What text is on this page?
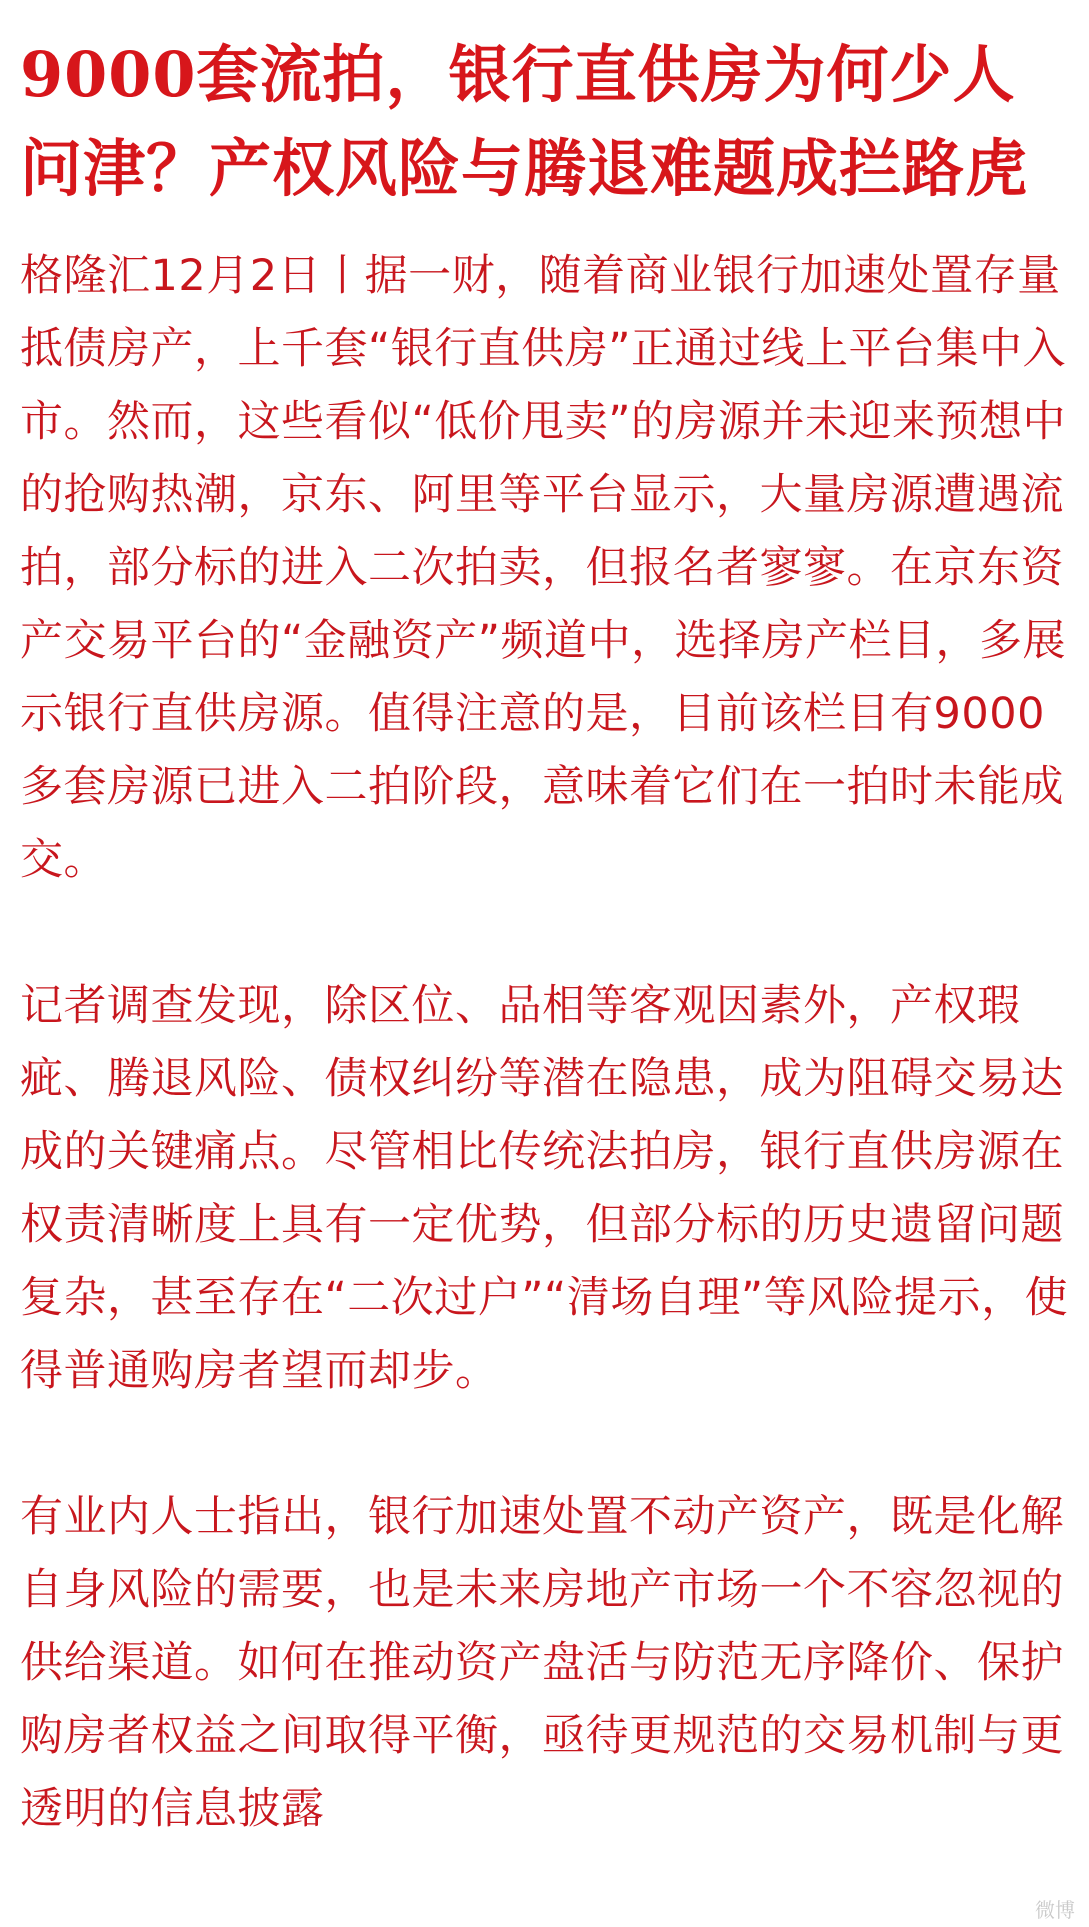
9000套流拍，银行直供房为何少人问津？产权风险与腾退难题成拦路虎

格隆汇12月2日丨据一财，随着商业银行加速处置存量抵债房产，上千套“银行直供房”正通过线上平台集中入市。然而，这些看似“低价甩卖”的房源并未迎来预想中的抢购热潮，京东、阿里等平台显示，大量房源遭遇流拍，部分标的进入二次拍卖，但报名者寥寥。在京东资产交易平台的“金融资产”频道中，选择房产栏目，多展示银行直供房源。值得注意的是，目前该栏目有9000多套房源已进入二拍阶段，意味着它们在一拍时未能成交。

记者调查发现，除区位、品相等客观因素外，产权瑕疵、腾退风险、债权纠纷等潜在隐患，成为阻碍交易达成的关键痛点。尽管相比传统法拍房，银行直供房源在权责清晰度上具有一定优势，但部分标的历史遗留问题复杂，甚至存在“二次过户”“清场自理”等风险提示，使得普通购房者望而却步。

有业内人士指出，银行加速处置不动产资产，既是化解自身风险的需要，也是未来房地产市场一个不容忽视的供给渠道。如何在推动资产盘活与防范无序降价、保护购房者权益之间取得平衡，亟待更规范的交易机制与更透明的信息披露

微博
